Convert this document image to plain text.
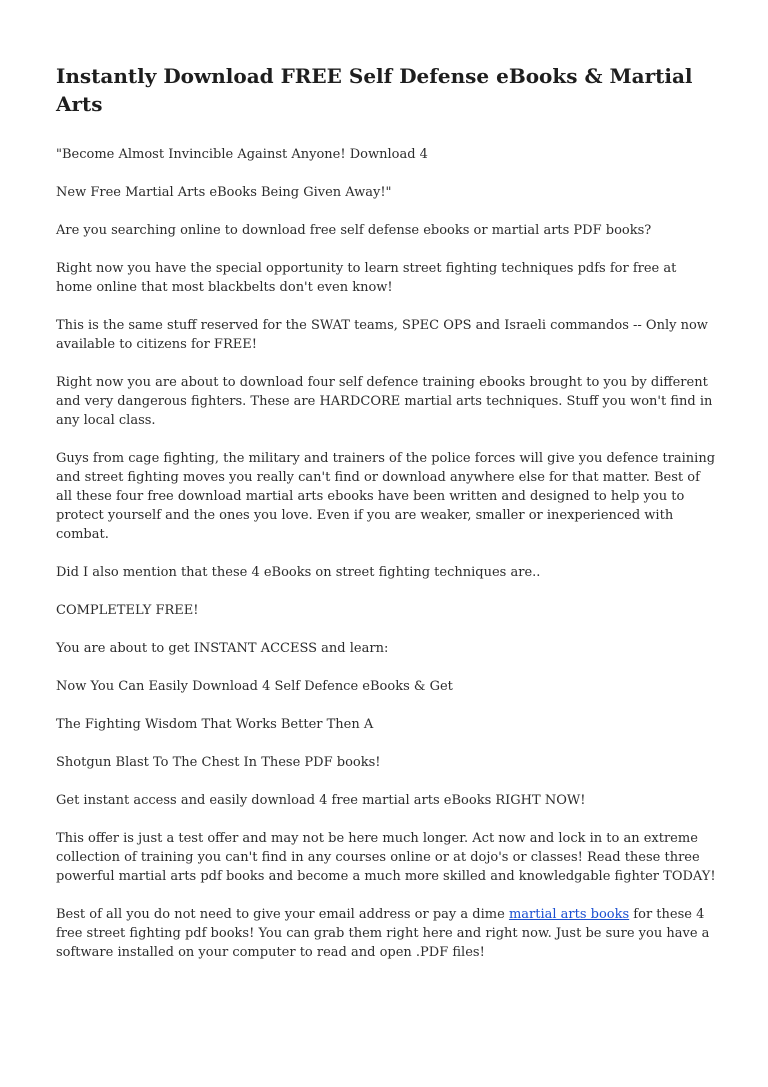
Instantly Download FREE Self Defense eBooks & Martial Arts

"Become Almost Invincible Against Anyone! Download 4

New Free Martial Arts eBooks Being Given Away!"

Are you searching online to download free self defense ebooks or martial arts PDF books?

Right now you have the special opportunity to learn street fighting techniques pdfs for free at home online that most blackbelts don't even know!

This is the same stuff reserved for the SWAT teams, SPEC OPS and Israeli commandos -- Only now available to citizens for FREE!

Right now you are about to download four self defence training ebooks brought to you by different and very dangerous fighters. These are HARDCORE martial arts techniques. Stuff you won't find in any local class.

Guys from cage fighting, the military and trainers of the police forces will give you defence training and street fighting moves you really can't find or download anywhere else for that matter. Best of all these four free download martial arts ebooks have been written and designed to help you to protect yourself and the ones you love. Even if you are weaker, smaller or inexperienced with combat.

Did I also mention that these 4 eBooks on street fighting techniques are..

COMPLETELY FREE!

You are about to get INSTANT ACCESS and learn:

Now You Can Easily Download 4 Self Defence eBooks & Get

The Fighting Wisdom That Works Better Then A

Shotgun Blast To The Chest In These PDF books!

Get instant access and easily download 4 free martial arts eBooks RIGHT NOW!

This offer is just a test offer and may not be here much longer. Act now and lock in to an extreme collection of training you can't find in any courses online or at dojo's or classes! Read these three powerful martial arts pdf books and become a much more skilled and knowledgable fighter TODAY!

Best of all you do not need to give your email address or pay a dime martial arts books for these 4 free street fighting pdf books! You can grab them right here and right now. Just be sure you have a software installed on your computer to read and open .PDF files!
